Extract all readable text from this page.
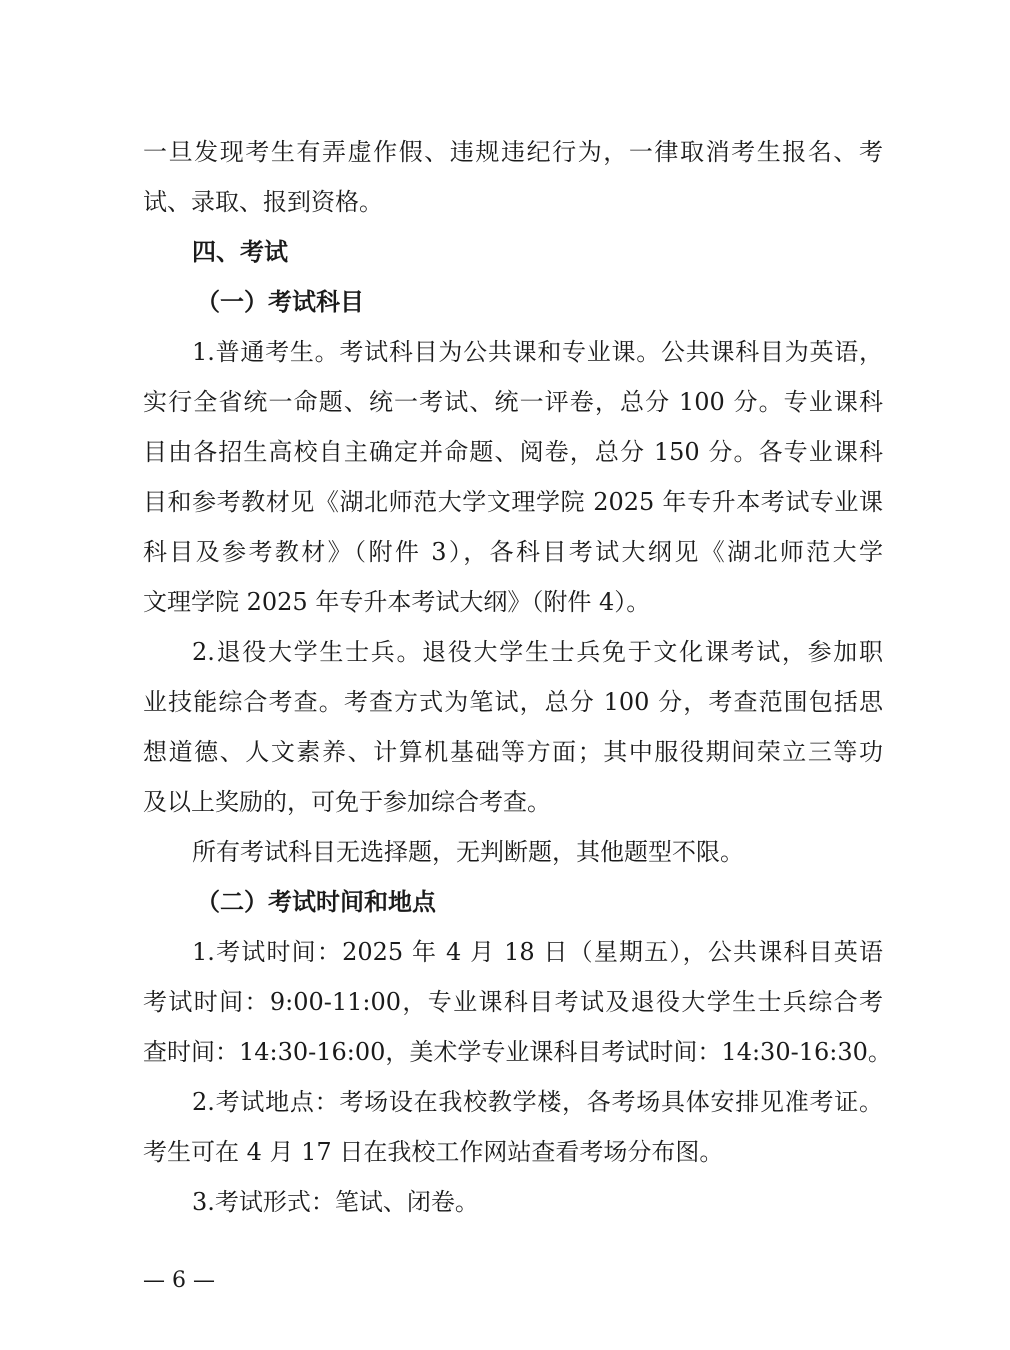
一旦发现考生有弄虚作假、违规违纪行为，一律取消考生报名、考
试、录取、报到资格。
四、考试
（一）考试科目
1.普通考生。考试科目为公共课和专业课。公共课科目为英语，
实行全省统一命题、统一考试、统一评卷，总分 100 分。专业课科
目由各招生高校自主确定并命题、阅卷，总分 150 分。各专业课科
目和参考教材见《湖北师范大学文理学院 2025 年专升本考试专业课
科目及参考教材》（附件 3），各科目考试大纲见《湖北师范大学
文理学院 2025 年专升本考试大纲》（附件 4）。
2.退役大学生士兵。退役大学生士兵免于文化课考试，参加职
业技能综合考查。考查方式为笔试，总分 100 分，考查范围包括思
想道德、人文素养、计算机基础等方面；其中服役期间荣立三等功
及以上奖励的，可免于参加综合考查。
所有考试科目无选择题，无判断题，其他题型不限。
（二）考试时间和地点
1.考试时间：2025 年 4 月 18 日（星期五），公共课科目英语
考试时间：9:00-11:00，专业课科目考试及退役大学生士兵综合考
查时间：14:30-16:00，美术学专业课科目考试时间：14:30-16:30。
2.考试地点：考场设在我校教学楼，各考场具体安排见准考证。
考生可在 4 月 17 日在我校工作网站查看考场分布图。
3.考试形式：笔试、闭卷。
— 6 —
